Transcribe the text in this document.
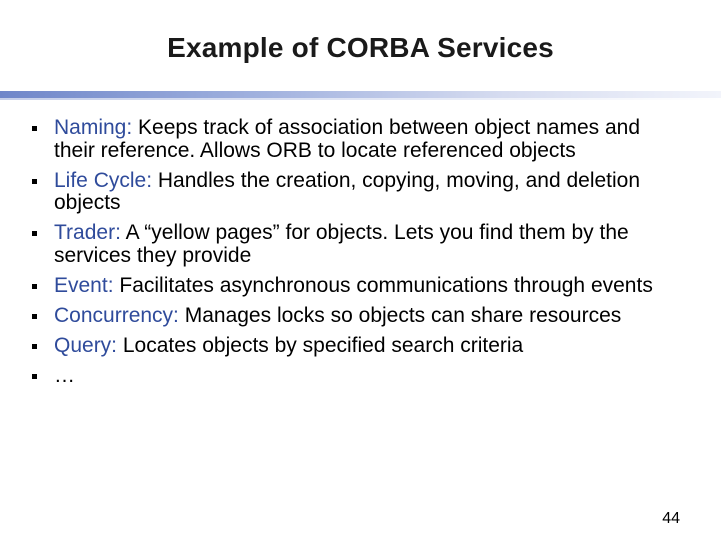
Example of CORBA Services
Naming: Keeps track of association between object names and their reference. Allows ORB to locate referenced objects
Life Cycle: Handles the creation, copying, moving, and deletion objects
Trader: A “yellow pages” for objects. Lets you find them by the services they provide
Event: Facilitates asynchronous communications through events
Concurrency: Manages locks so objects can share resources
Query: Locates objects by specified search criteria
…
44
